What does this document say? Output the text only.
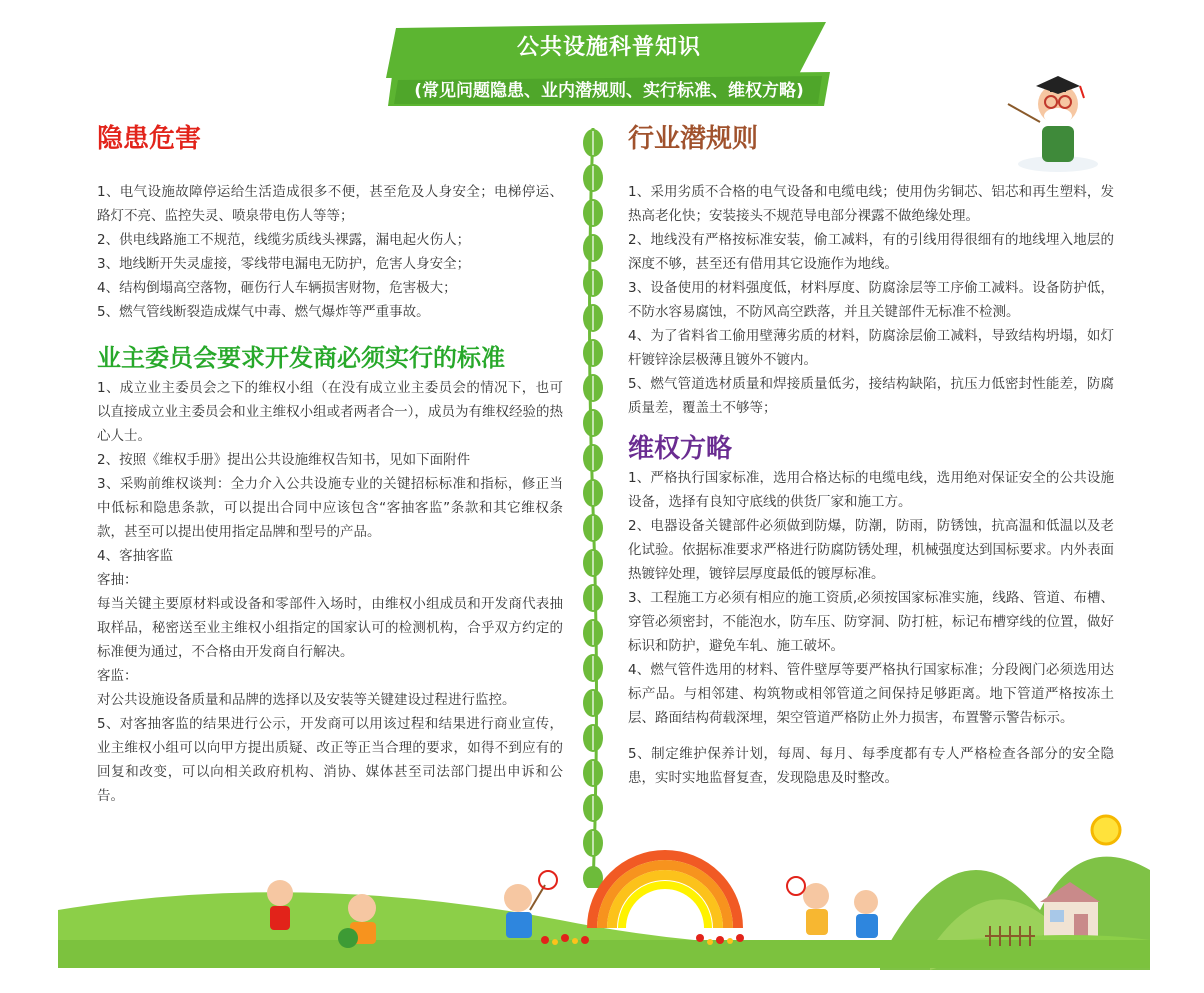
公共设施科普知识
(常见问题隐患、业内潜规则、实行标准、维权方略)
隐患危害

1、电气设施故障停运给生活造成很多不便，甚至危及人身安全；电梯停运、路灯不亮、监控失灵、喷泉带电伤人等等；

2、供电线路施工不规范，线缆劣质线头裸露，漏电起火伤人；

3、地线断开失灵虚接，零线带电漏电无防护，危害人身安全；

4、结构倒塌高空落物，砸伤行人车辆损害财物，危害极大；

5、燃气管线断裂造成煤气中毒、燃气爆炸等严重事故。

业主委员会要求开发商必须实行的标准

1、成立业主委员会之下的维权小组（在没有成立业主委员会的情况下，也可以直接成立业主委员会和业主维权小组或者两者合一），成员为有维权经验的热心人士。

2、按照《维权手册》提出公共设施维权告知书，见如下面附件

3、采购前维权谈判：全力介入公共设施专业的关键招标标准和指标，修正当中低标和隐患条款，可以提出合同中应该包含“客抽客监”条款和其它维权条款，甚至可以提出使用指定品牌和型号的产品。

4、客抽客监

客抽：

每当关键主要原材料或设备和零部件入场时，由维权小组成员和开发商代表抽取样品，秘密送至业主维权小组指定的国家认可的检测机构，合乎双方约定的标准便为通过，不合格由开发商自行解决。

客监：

对公共设施设备质量和品牌的选择以及安装等关键建设过程进行监控。

5、对客抽客监的结果进行公示，开发商可以用该过程和结果进行商业宣传，业主维权小组可以向甲方提出质疑、改正等正当合理的要求，如得不到应有的回复和改变，可以向相关政府机构、消协、媒体甚至司法部门提出申诉和公告。

行业潜规则

1、采用劣质不合格的电气设备和电缆电线；使用伪劣铜芯、铝芯和再生塑料，发热高老化快；安装接头不规范导电部分裸露不做绝缘处理。

2、地线没有严格按标准安装，偷工减料，有的引线用得很细有的地线埋入地层的深度不够，甚至还有借用其它设施作为地线。

3、设备使用的材料强度低，材料厚度、防腐涂层等工序偷工减料。设备防护低，不防水容易腐蚀，不防风高空跌落，并且关键部件无标准不检测。

4、为了省料省工偷用壁薄劣质的材料，防腐涂层偷工减料，导致结构坍塌，如灯杆镀锌涂层极薄且镀外不镀内。

5、燃气管道选材质量和焊接质量低劣，接结构缺陷，抗压力低密封性能差，防腐质量差，覆盖土不够等；

维权方略

1、严格执行国家标准，选用合格达标的电缆电线，选用绝对保证安全的公共设施设备，选择有良知守底线的供货厂家和施工方。

2、电器设备关键部件必须做到防爆，防潮，防雨，防锈蚀，抗高温和低温以及老化试验。依据标准要求严格进行防腐防锈处理，机械强度达到国标要求。内外表面热镀锌处理，镀锌层厚度最低的镀厚标准。

3、工程施工方必须有相应的施工资质,必须按国家标准实施，线路、管道、布槽、穿管必须密封，不能泡水，防车压、防穿洞、防打桩，标记布槽穿线的位置，做好标识和防护，避免车轧、施工破坏。

4、燃气管件选用的材料、管件壁厚等要严格执行国家标准；分段阀门必须选用达标产品。与相邻建、构筑物或相邻管道之间保持足够距离。地下管道严格按冻土层、路面结构荷载深埋，架空管道严格防止外力损害，布置警示警告标示。

5、制定维护保养计划，每周、每月、每季度都有专人严格检查各部分的安全隐患，实时实地监督复查，发现隐患及时整改。
